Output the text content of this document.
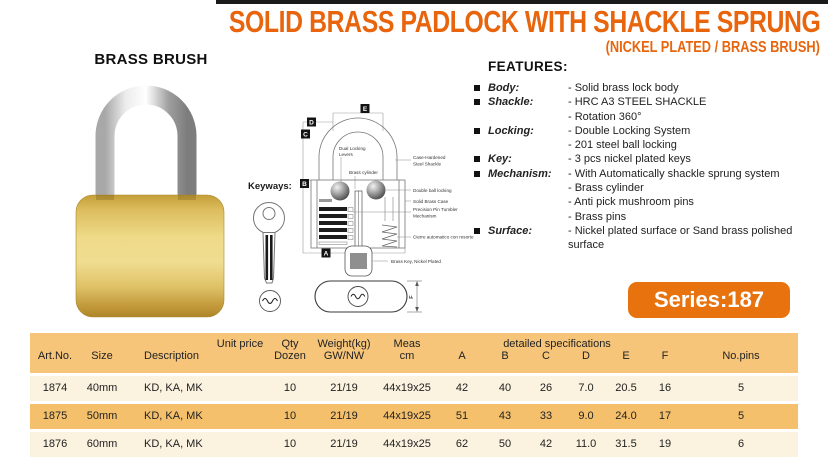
SOLID BRASS PADLOCK WITH SHACKLE SPRUNG
(NICKEL PLATED / BRASS BRUSH)
BRASS BRUSH
Dual Locking
Levers
Brass cylinder
Case-Hardened
Steel Shackle
Double ball locking
Solid Brass Case
Precision Pin Tumbler
Mechanism
Cierre automatico con resorte
Brass Key, Nickel Plated
E
D
C
B
A
Keyways:
F
FEATURES:
Body:	- Solid brass lock body
Shackle:	- HRC A3 STEEL SHACKLE
- Rotation 360°
Locking:	- Double Locking System
- 201 steel ball locking
Key:	- 3 pcs nickel plated keys
Mechanism:	- With Automatically shackle sprung system
- Brass cylinder
- Anti pick mushroom pins
- Brass pins
Surface:	- Nickel plated surface or Sand brass polished surface
Series:187
Art.No.	Size	Description
Unit price	Qty
Dozen
Weight(kg)
GW/NW
Meas
cm	A	B	C	D	E	F	No.pins
detailed specifications
1874	40mm	KD, KA, MK	10	21/19	44x19x25	42	40	26	7.0	20.5	16	5
1875	50mm	KD, KA, MK	10	21/19	44x19x25	51	43	33	9.0	24.0	17	5
1876	60mm	KD, KA, MK	10	21/19	44x19x25	62	50	42	11.0	31.5	19	6
